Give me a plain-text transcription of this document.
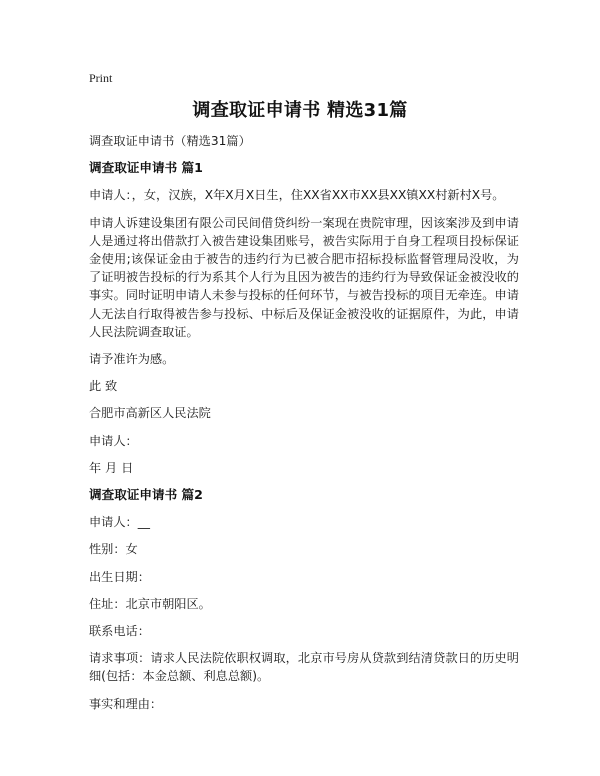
Print
调查取证申请书 精选31篇

调查取证申请书（精选31篇）

调查取证申请书 篇1

申请人：，女，汉族，X年X月X日生，住XX省XX市XX县XX镇XX村新村X号。

申请人诉建设集团有限公司民间借贷纠纷一案现在贵院审理，因该案涉及到申请人是通过将出借款打入被告建设集团账号，被告实际用于自身工程项目投标保证金使用;该保证金由于被告的违约行为已被合肥市招标投标监督管理局没收，为了证明被告投标的行为系其个人行为且因为被告的违约行为导致保证金被没收的事实。同时证明申请人未参与投标的任何环节，与被告投标的项目无牵连。申请人无法自行取得被告参与投标、中标后及保证金被没收的证据原件，为此，申请人民法院调查取证。

请予准许为感。

此 致

合肥市高新区人民法院

申请人：

年 月 日

调查取证申请书 篇2

申请人：__

性别：女

出生日期：

住址：北京市朝阳区。

联系电话：

请求事项：请求人民法院依职权调取，北京市号房从贷款到结清贷款日的历史明细(包括：本金总额、利息总额)。

事实和理由：
